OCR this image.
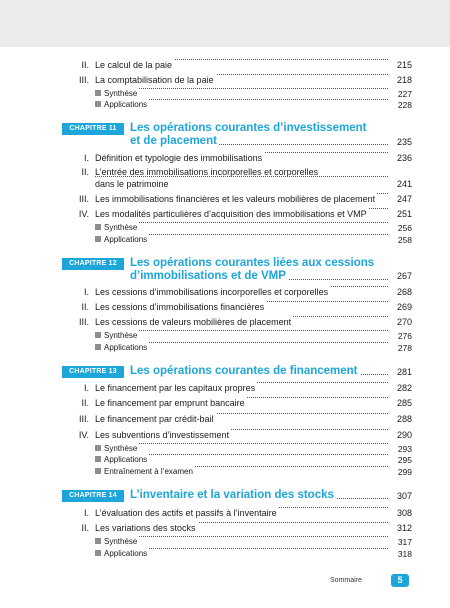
II. Le calcul de la paie	215
III. La comptabilisation de la paie	218
Synthèse	227
Applications	228
CHAPITRE 11	Les opérations courantes d’investissement
et de placement	235
I. Définition et typologie des immobilisations	236
II. L’entrée des immobilisations incorporelles et corporelles
dans le patrimoine	241
III. Les immobilisations financières et les valeurs mobilières de placement	247
IV. Les modalités particulières d’acquisition des immobilisations et VMP	251
Synthèse	256
Applications	258
CHAPITRE 12	Les opérations courantes liées aux cessions
d’immobilisations et de VMP	267
I. Les cessions d’immobilisations incorporelles et corporelles	268
II. Les cessions d’immobilisations financières	269
III. Les cessions de valeurs mobilières de placement	270
Synthèse	276
Applications	278
CHAPITRE 13	Les opérations courantes de financement	281
I. Le financement par les capitaux propres	282
II. Le financement par emprunt bancaire	285
III. Le financement par crédit-bail	288
IV. Les subventions d’investissement	290
Synthèse	293
Applications	295
Entraînement à l’examen	299
CHAPITRE 14	L’inventaire et la variation des stocks	307
I. L’évaluation des actifs et passifs à l’inventaire	308
II. Les variations des stocks	312
Synthèse	317
Applications	318
Sommaire	5
